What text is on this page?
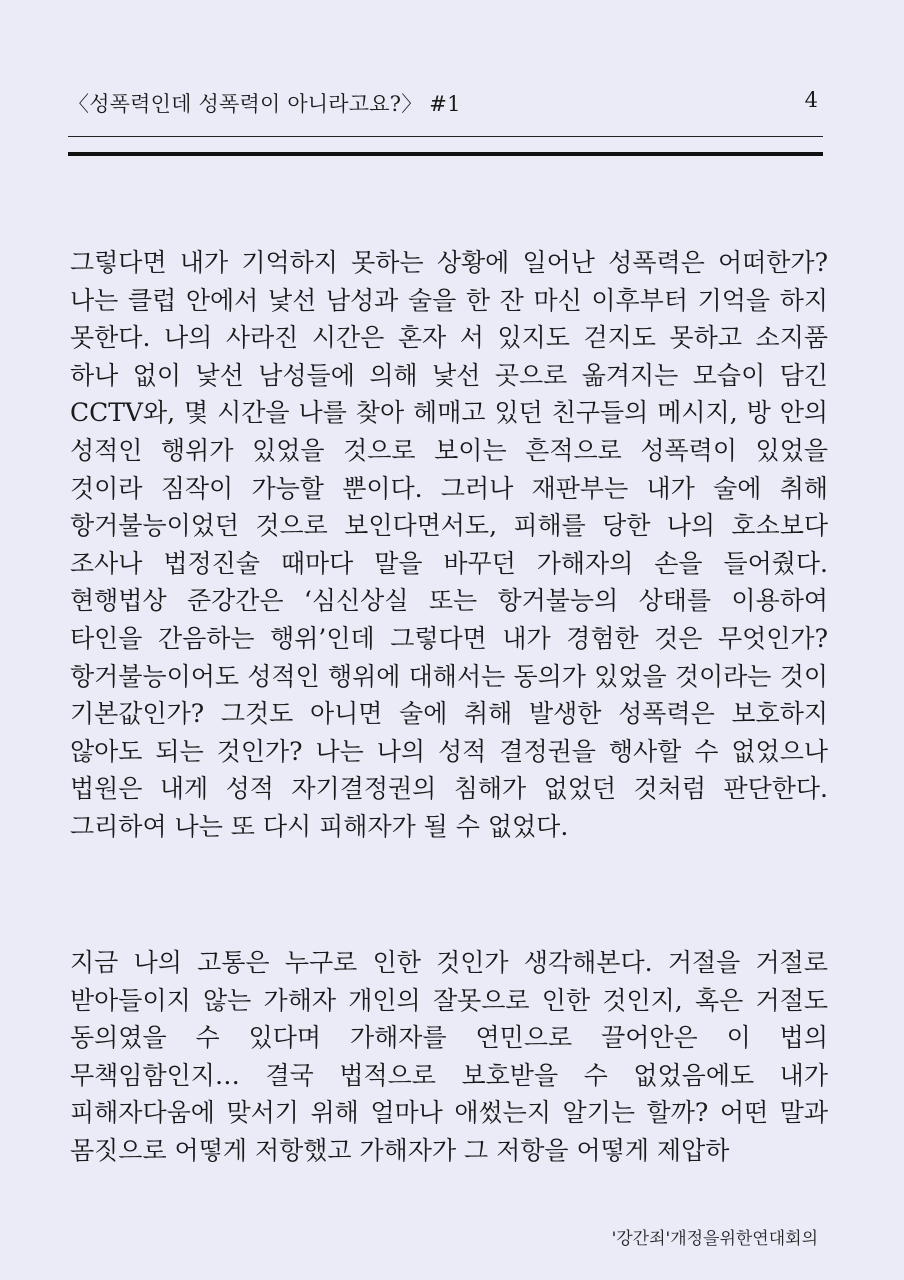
〈성폭력인데 성폭력이 아니라고요?〉 #1	4

그렇다면 내가 기억하지 못하는 상황에 일어난 성폭력은 어떠한가? 나는 클럽 안에서 낯선 남성과 술을 한 잔 마신 이후부터 기억을 하지 못한다. 나의 사라진 시간은 혼자 서 있지도 걷지도 못하고 소지품 하나 없이 낯선 남성들에 의해 낯선 곳으로 옮겨지는 모습이 담긴 CCTV와, 몇 시간을 나를 찾아 헤매고 있던 친구들의 메시지, 방 안의 성적인 행위가 있었을 것으로 보이는 흔적으로 성폭력이 있었을 것이라 짐작이 가능할 뿐이다. 그러나 재판부는 내가 술에 취해 항거불능이었던 것으로 보인다면서도, 피해를 당한 나의 호소보다 조사나 법정진술 때마다 말을 바꾸던 가해자의 손을 들어줬다. 현행법상 준강간은 ‘심신상실 또는 항거불능의 상태를 이용하여 타인을 간음하는 행위’인데 그렇다면 내가 경험한 것은 무엇인가? 항거불능이어도 성적인 행위에 대해서는 동의가 있었을 것이라는 것이 기본값인가? 그것도 아니면 술에 취해 발생한 성폭력은 보호하지 않아도 되는 것인가? 나는 나의 성적 결정권을 행사할 수 없었으나 법원은 내게 성적 자기결정권의 침해가 없었던 것처럼 판단한다. 그리하여 나는 또 다시 피해자가 될 수 없었다.

지금 나의 고통은 누구로 인한 것인가 생각해본다. 거절을 거절로 받아들이지 않는 가해자 개인의 잘못으로 인한 것인지, 혹은 거절도 동의였을 수 있다며 가해자를 연민으로 끌어안은 이 법의 무책임함인지… 결국 법적으로 보호받을 수 없었음에도 내가 피해자다움에 맞서기 위해 얼마나 애썼는지 알기는 할까? 어떤 말과 몸짓으로 어떻게 저항했고 가해자가 그 저항을 어떻게 제압하

'강간죄'개정을위한연대회의
